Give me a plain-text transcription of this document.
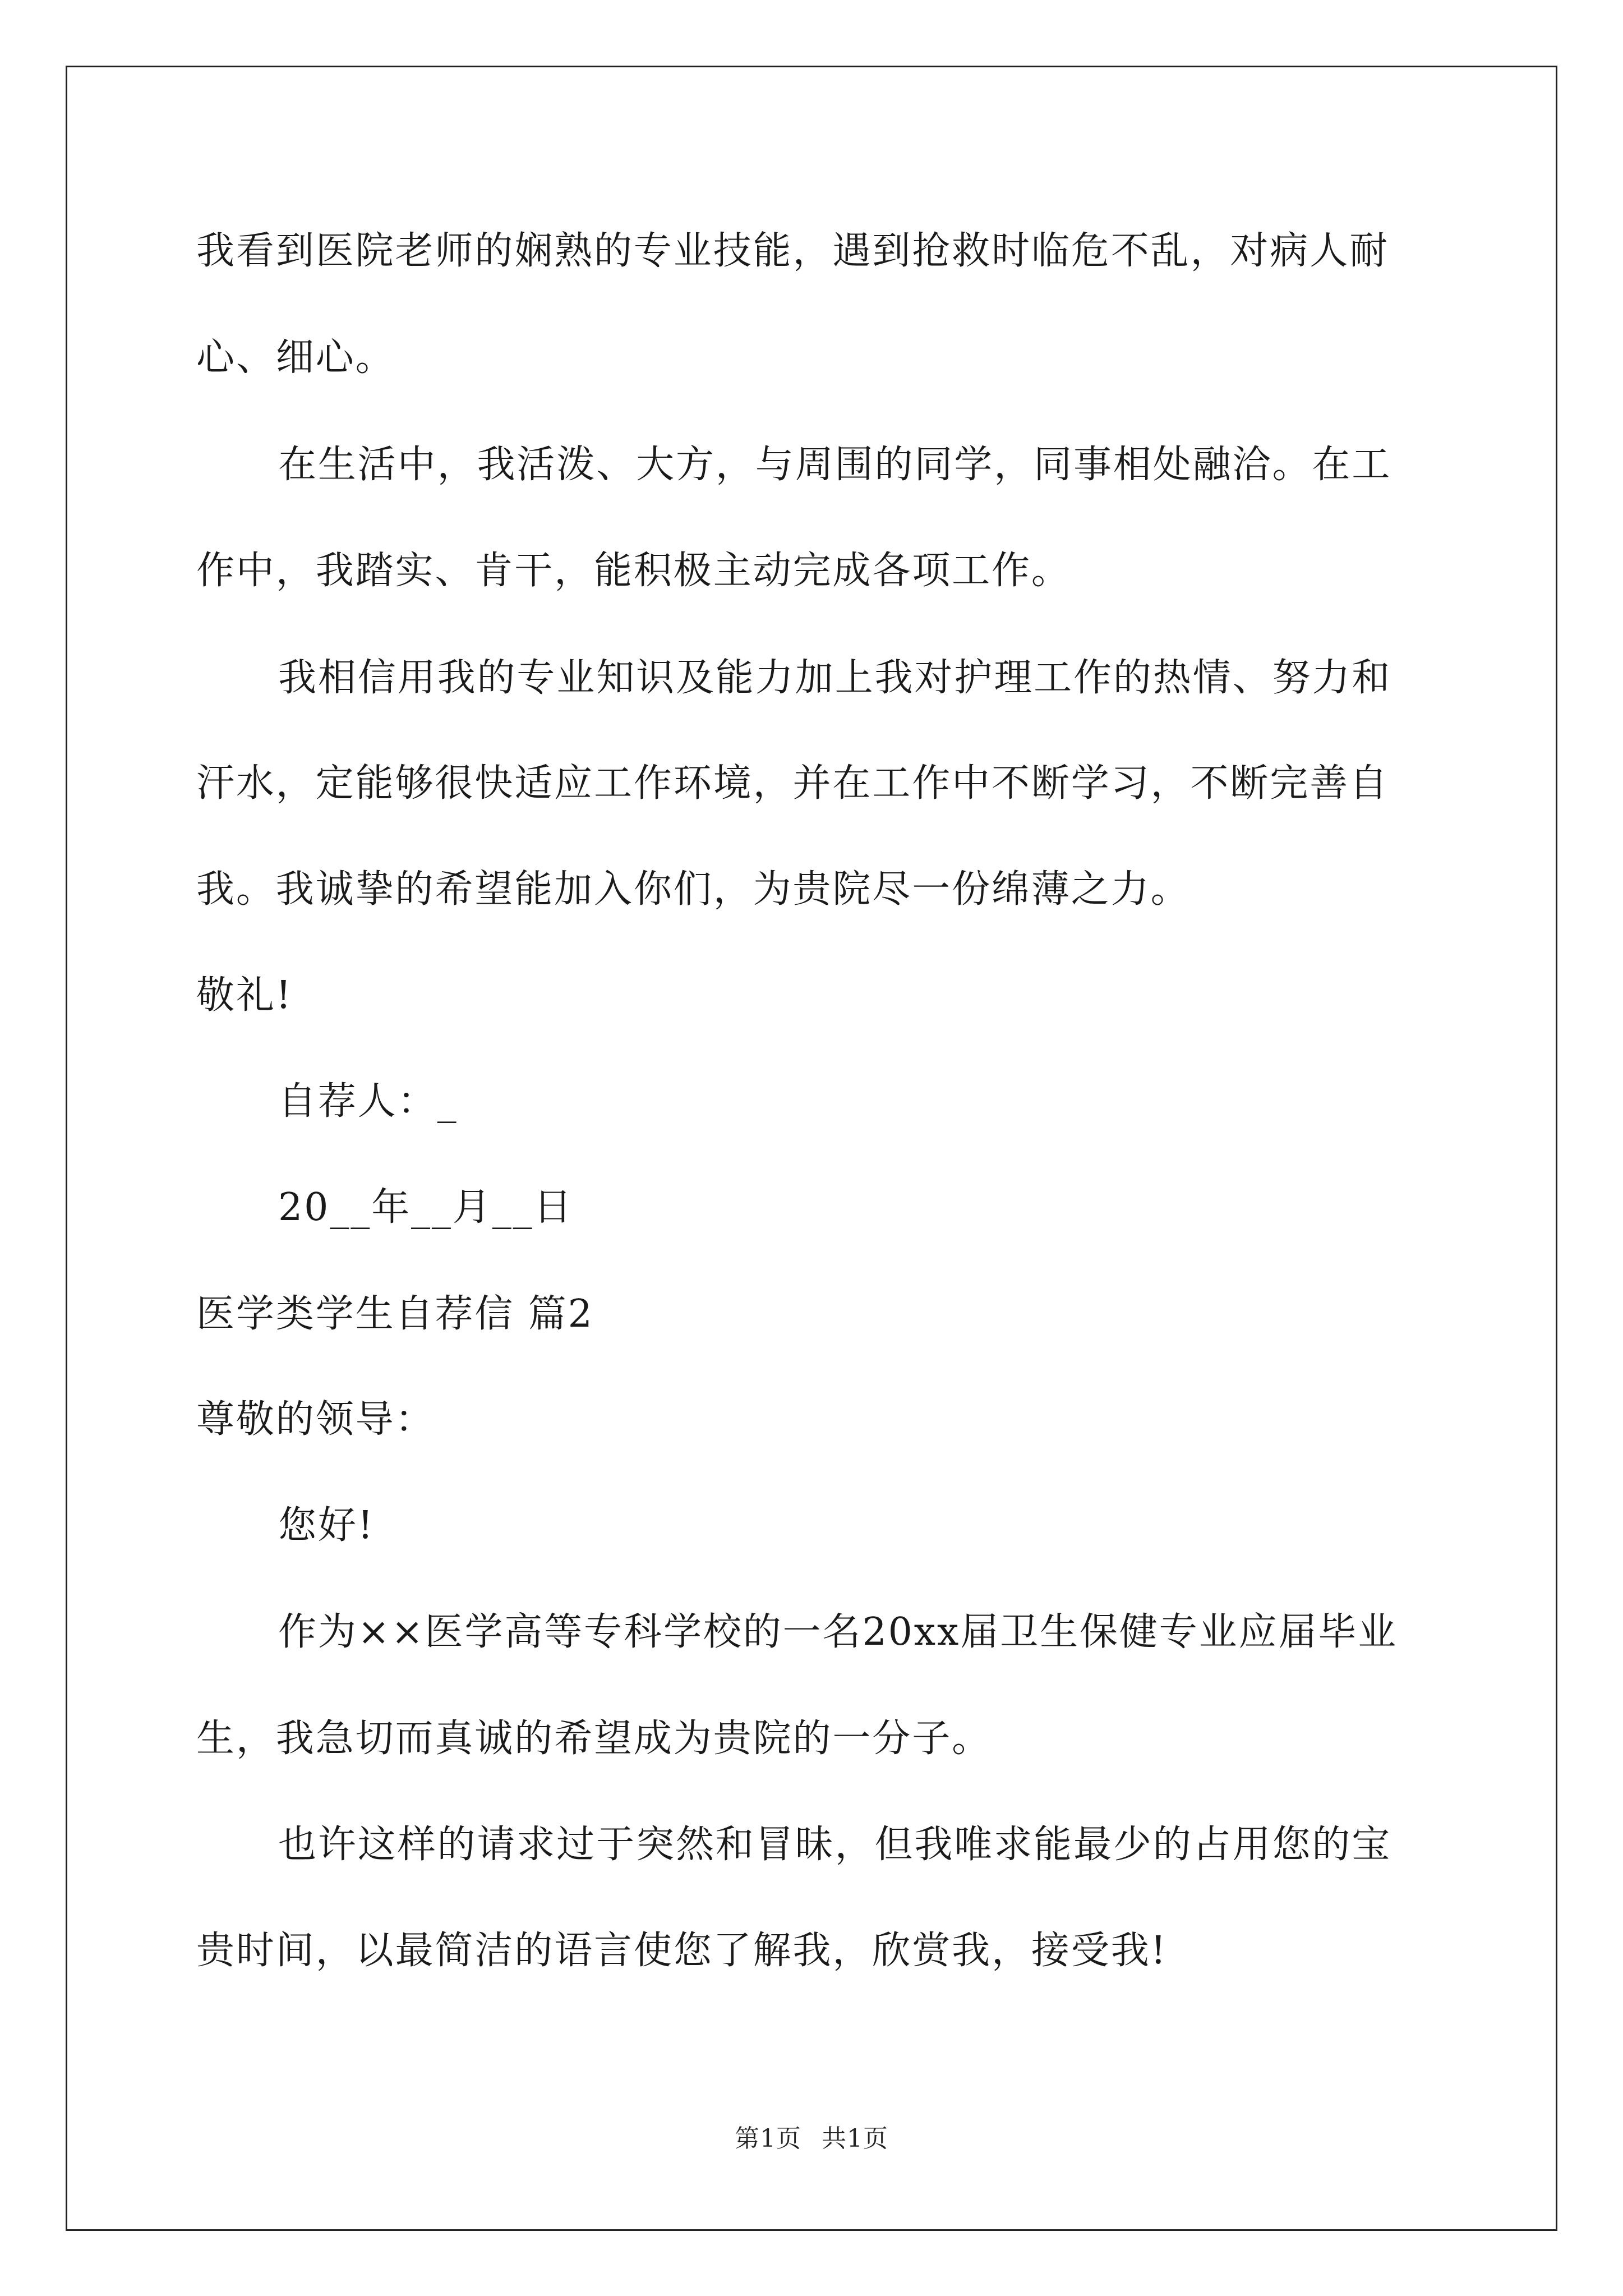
我看到医院老师的娴熟的专业技能，遇到抢救时临危不乱，对病人耐
心、细心。
在生活中，我活泼、大方，与周围的同学，同事相处融洽。在工
作中，我踏实、肯干，能积极主动完成各项工作。
我相信用我的专业知识及能力加上我对护理工作的热情、努力和
汗水，定能够很快适应工作环境，并在工作中不断学习，不断完善自
我。我诚挚的希望能加入你们，为贵院尽一份绵薄之力。
敬礼!
自荐人：_
20__年__月__日
医学类学生自荐信 篇2
尊敬的领导：
您好!
作为××医学高等专科学校的一名20xx届卫生保健专业应届毕业
生，我急切而真诚的希望成为贵院的一分子。
也许这样的请求过于突然和冒昧，但我唯求能最少的占用您的宝
贵时间，以最简洁的语言使您了解我，欣赏我，接受我!
第1页 共1页
